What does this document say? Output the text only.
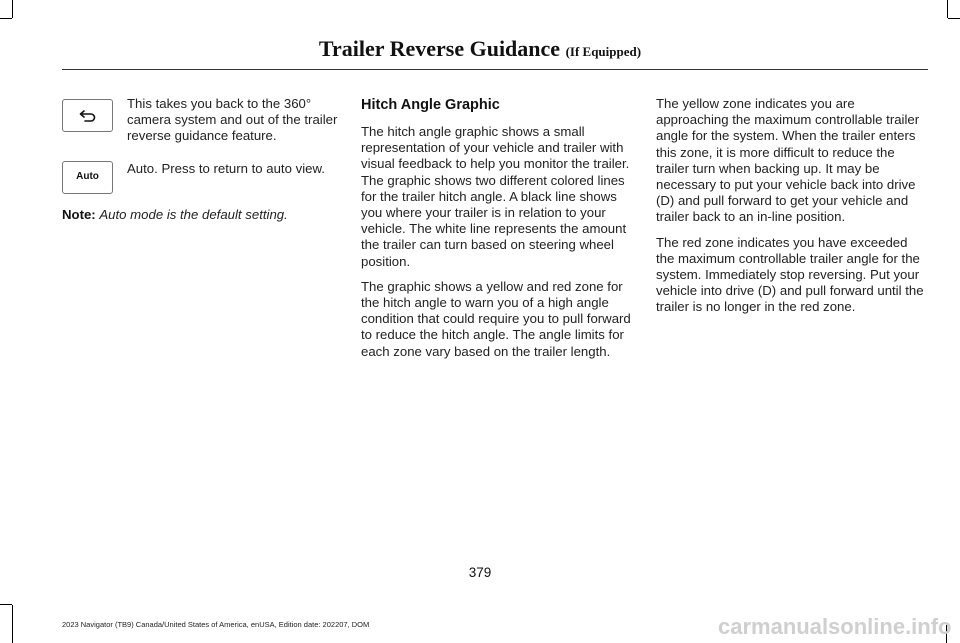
Trailer Reverse Guidance (If Equipped)
This takes you back to the 360° camera system and out of the trailer reverse guidance feature.
Auto
Auto. Press to return to auto view.
Note: Auto mode is the default setting.
Hitch Angle Graphic

The hitch angle graphic shows a small representation of your vehicle and trailer with visual feedback to help you monitor the trailer. The graphic shows two different colored lines for the trailer hitch angle. A black line shows you where your trailer is in relation to your vehicle. The white line represents the amount the trailer can turn based on steering wheel position.

The graphic shows a yellow and red zone for the hitch angle to warn you of a high angle condition that could require you to pull forward to reduce the hitch angle. The angle limits for each zone vary based on the trailer length.

The yellow zone indicates you are approaching the maximum controllable trailer angle for the system. When the trailer enters this zone, it is more difficult to reduce the trailer turn when backing up. It may be necessary to put your vehicle back into drive (D) and pull forward to get your vehicle and trailer back to an in-line position.

The red zone indicates you have exceeded the maximum controllable trailer angle for the system. Immediately stop reversing. Put your vehicle into drive (D) and pull forward until the trailer is no longer in the red zone.

379
2023 Navigator (TB9) Canada/United States of America, enUSA, Edition date: 202207, DOM	carmanualsonline.info
